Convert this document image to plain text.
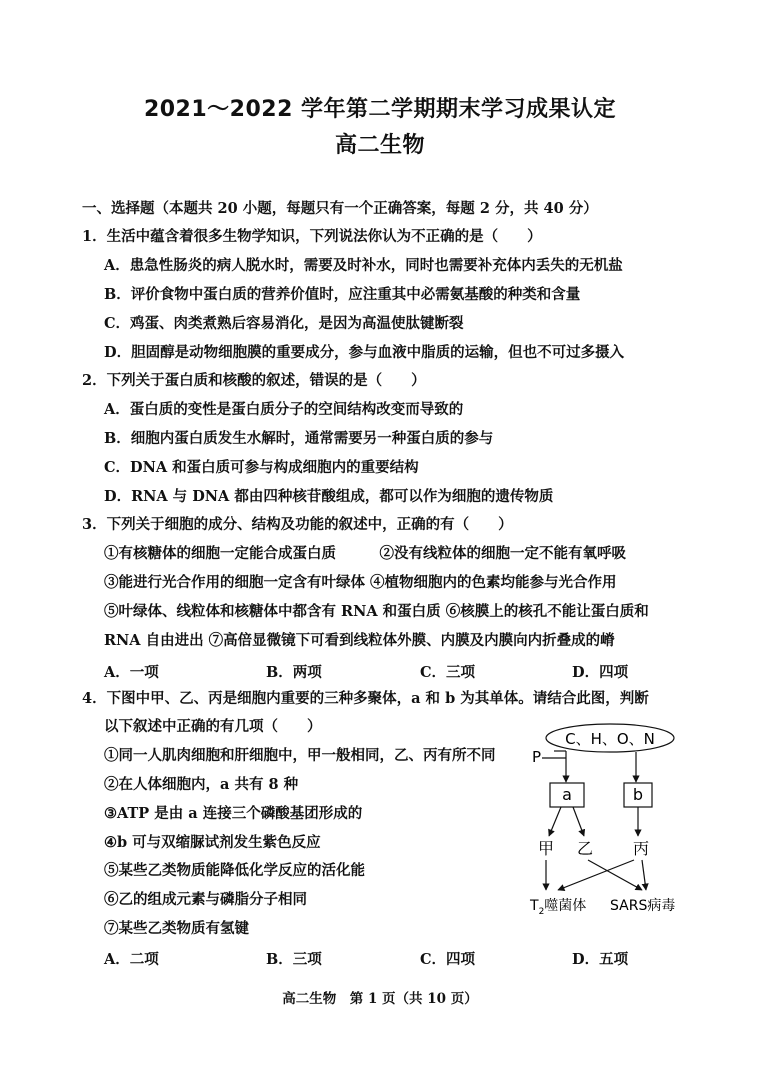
2021～2022 学年第二学期期末学习成果认定
高二生物
一、选择题（本题共 20 小题，每题只有一个正确答案，每题 2 分，共 40 分）
1．生活中蕴含着很多生物学知识，下列说法你认为不正确的是（　　）
A．患急性肠炎的病人脱水时，需要及时补水，同时也需要补充体内丢失的无机盐
B．评价食物中蛋白质的营养价值时，应注重其中必需氨基酸的种类和含量
C．鸡蛋、肉类煮熟后容易消化，是因为高温使肽键断裂
D．胆固醇是动物细胞膜的重要成分，参与血液中脂质的运输，但也不可过多摄入
2．下列关于蛋白质和核酸的叙述，错误的是（　　）
A．蛋白质的变性是蛋白质分子的空间结构改变而导致的
B．细胞内蛋白质发生水解时，通常需要另一种蛋白质的参与
C．DNA 和蛋白质可参与构成细胞内的重要结构
D．RNA 与 DNA 都由四种核苷酸组成，都可以作为细胞的遗传物质
3．下列关于细胞的成分、结构及功能的叙述中，正确的有（　　）
①有核糖体的细胞一定能合成蛋白质　　　②没有线粒体的细胞一定不能有氧呼吸
③能进行光合作用的细胞一定含有叶绿体 ④植物细胞内的色素均能参与光合作用
⑤叶绿体、线粒体和核糖体中都含有 RNA 和蛋白质 ⑥核膜上的核孔不能让蛋白质和
RNA 自由进出 ⑦高倍显微镜下可看到线粒体外膜、内膜及内膜向内折叠成的嵴
A．一项	B．两项	C．三项	D．四项
4．下图中甲、乙、丙是细胞内重要的三种多聚体，a 和 b 为其单体。请结合此图，判断
以下叙述中正确的有几项（　　）
①同一人肌肉细胞和肝细胞中，甲一般相同，乙、丙有所不同
②在人体细胞内，a 共有 8 种
③ATP 是由 a 连接三个磷酸基团形成的
④b 可与双缩脲试剂发生紫色反应
⑤某些乙类物质能降低化学反应的活化能
⑥乙的组成元素与磷脂分子相同
⑦某些乙类物质有氢键
A．二项	B．三项	C．四项	D．五项
C、H、O、N
P
a	b
甲 乙 丙
$T_2$噬菌体 SARS病毒
高二生物　第 1 页（共 10 页）
